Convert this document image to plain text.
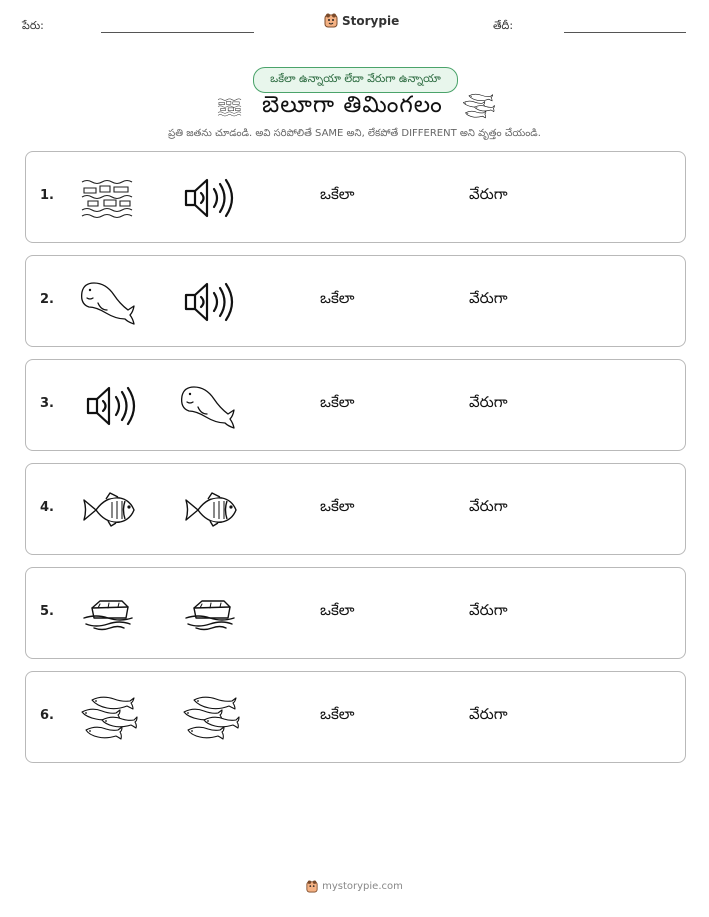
పేరు:	Storypie	తేదీ:
ఒకేలా ఉన్నాయా లేదా వేరుగా ఉన్నాయా
బెలూగా తిమింగలం
ప్రతి జతను చూడండి. అవి సరిపోలితే SAME అని, లేకపోతే DIFFERENT అని వృత్తం చేయండి.
1.	ఒకేలా	వేరుగా
2.	ఒకేలా	వేరుగా
3.	ఒకేలా	వేరుగా
4.	ఒకేలా	వేరుగా
5.	ఒకేలా	వేరుగా
6.	ఒకేలా	వేరుగా
mystorypie.com
